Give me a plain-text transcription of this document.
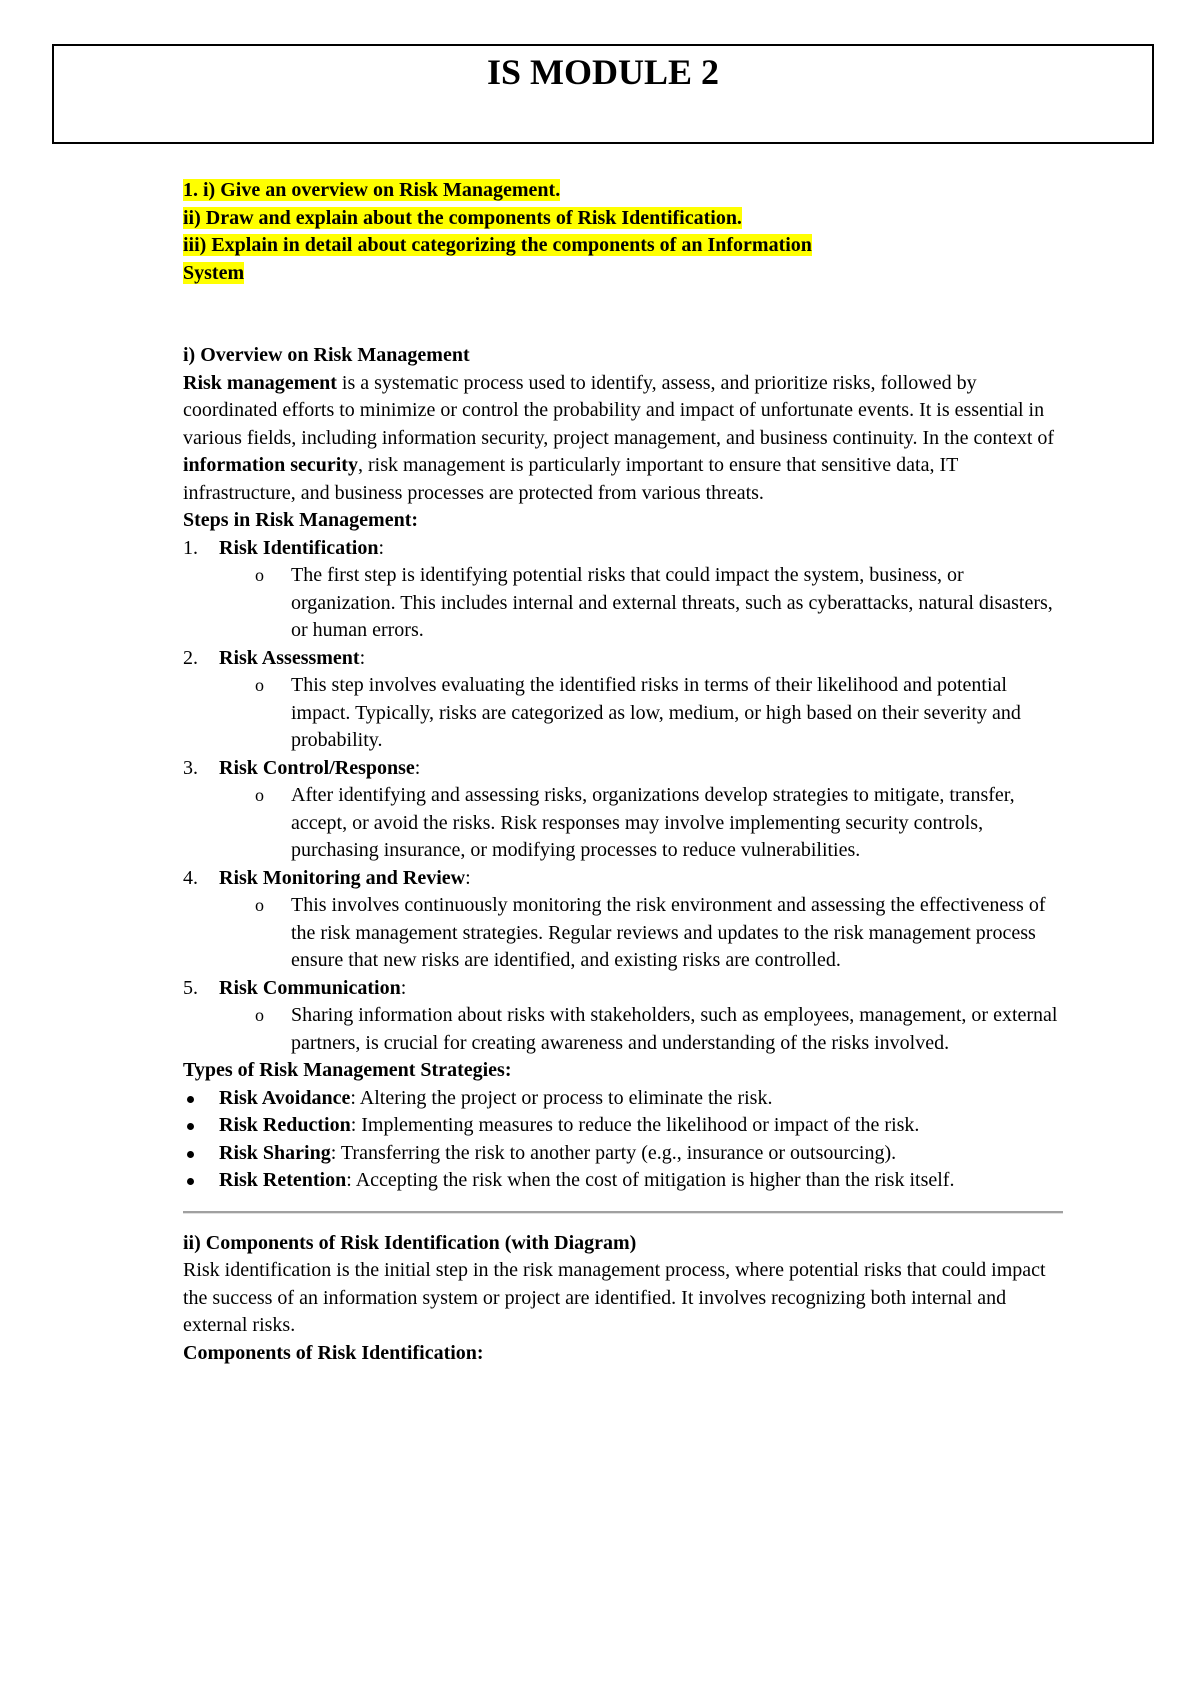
IS MODULE 2

1. i) Give an overview on Risk Management.

ii) Draw and explain about the components of Risk Identification.

iii) Explain in detail about categorizing the components of an Information

System

i) Overview on Risk Management

Risk management is a systematic process used to identify, assess, and prioritize risks, followed by coordinated efforts to minimize or control the probability and impact of unfortunate events. It is essential in various fields, including information security, project management, and business continuity. In the context of information security, risk management is particularly important to ensure that sensitive data, IT infrastructure, and business processes are protected from various threats.

Steps in Risk Management:

1. Risk Identification:
o The first step is identifying potential risks that could impact the system, business, or organization. This includes internal and external threats, such as cyberattacks, natural disasters, or human errors.
2. Risk Assessment:
o This step involves evaluating the identified risks in terms of their likelihood and potential impact. Typically, risks are categorized as low, medium, or high based on their severity and probability.
3. Risk Control/Response:
o After identifying and assessing risks, organizations develop strategies to mitigate, transfer, accept, or avoid the risks. Risk responses may involve implementing security controls, purchasing insurance, or modifying processes to reduce vulnerabilities.
4. Risk Monitoring and Review:
o This involves continuously monitoring the risk environment and assessing the effectiveness of the risk management strategies. Regular reviews and updates to the risk management process ensure that new risks are identified, and existing risks are controlled.
5. Risk Communication:
o Sharing information about risks with stakeholders, such as employees, management, or external partners, is crucial for creating awareness and understanding of the risks involved.

Types of Risk Management Strategies:

Risk Avoidance: Altering the project or process to eliminate the risk.
Risk Reduction: Implementing measures to reduce the likelihood or impact of the risk.
Risk Sharing: Transferring the risk to another party (e.g., insurance or outsourcing).
Risk Retention: Accepting the risk when the cost of mitigation is higher than the risk itself.

ii) Components of Risk Identification (with Diagram)

Risk identification is the initial step in the risk management process, where potential risks that could impact the success of an information system or project are identified. It involves recognizing both internal and external risks.

Components of Risk Identification:
